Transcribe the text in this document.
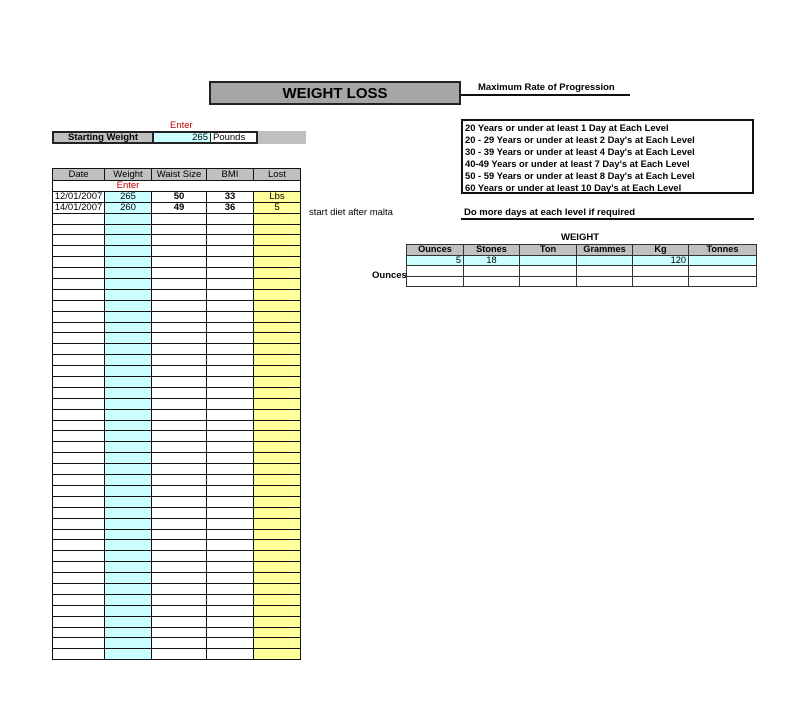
WEIGHT LOSS	Maximum Rate of Progression
Enter
Starting Weight	265 Pounds
Date	Weight	Waist Size	BMI	Lost
	Enter			
12/01/2007	265	50	33	Lbs
14/01/2007	260	49	36	5

					start diet after malta
20 Years or under at least 1 Day at Each Level
20 - 29 Years or under at least 2 Day's at Each Level
30 - 39 Years or under at least 4 Day's at Each Level
40-49 Years or under at least 7 Day's at Each Level
50 - 59 Years or under at least 8 Day's at Each Level
60 Years or under at least 10 Day's at Each Level
Do more days at each level if required
WEIGHT
Ounces
Ounces	Stones	Ton	Grammes	Kg	Tonnes
5	18			120	
